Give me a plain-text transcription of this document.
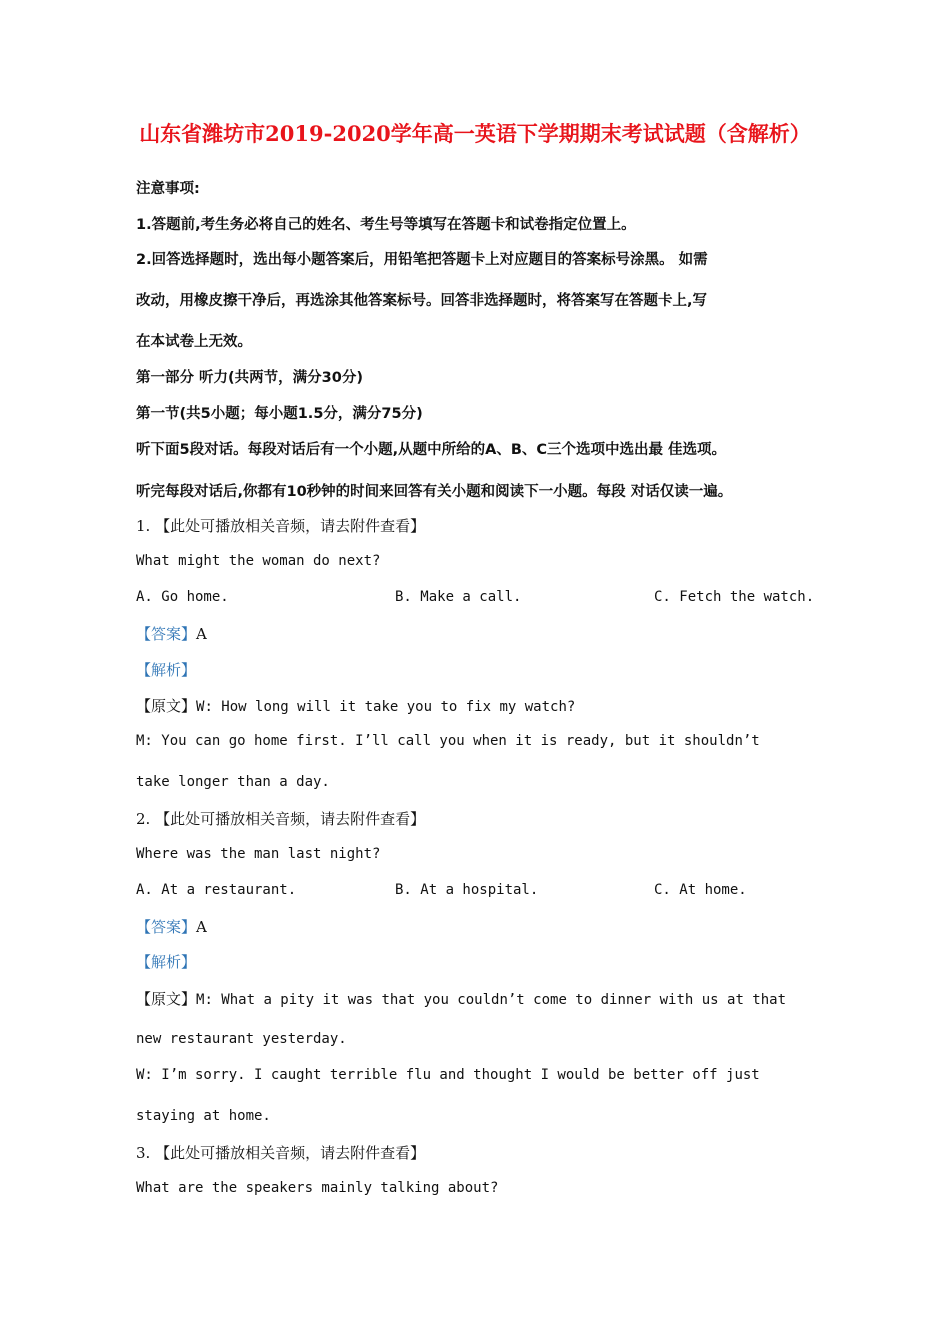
山东省潍坊市2019-2020学年高一英语下学期期末考试试题（含解析）
注意事项:
1.答题前,考生务必将自己的姓名、考生号等填写在答题卡和试卷指定位置上。
2.回答选择题时，选出每小题答案后，用铅笔把答题卡上对应题目的答案标号涂黑。 如需
改动，用橡皮擦干净后，再选涂其他答案标号。回答非选择题时，将答案写在答题卡上,写
在本试卷上无效。
第一部分 听力(共两节，满分30分)
第一节(共5小题；每小题1.5分，满分75分)
听下面5段对话。每段对话后有一个小题,从题中所给的A、B、C三个选项中选出最 佳选项。
听完每段对话后,你都有10秒钟的时间来回答有关小题和阅读下一小题。每段 对话仅读一遍。
1. 【此处可播放相关音频，请去附件查看】
What might the woman do next?
A. Go home.	B. Make a call.	C. Fetch the watch.
【答案】A
【解析】
【原文】W: How long will it take you to fix my watch?
M: You can go home first. I’ll call you when it is ready, but it shouldn’t
take longer than a day.
2. 【此处可播放相关音频，请去附件查看】
Where was the man last night?
A. At a restaurant.	B. At a hospital.	C. At home.
【答案】A
【解析】
【原文】M: What a pity it was that you couldn’t come to dinner with us at that
new restaurant yesterday.
W: I’m sorry. I caught terrible flu and thought I would be better off just
staying at home.
3. 【此处可播放相关音频，请去附件查看】
What are the speakers mainly talking about?
